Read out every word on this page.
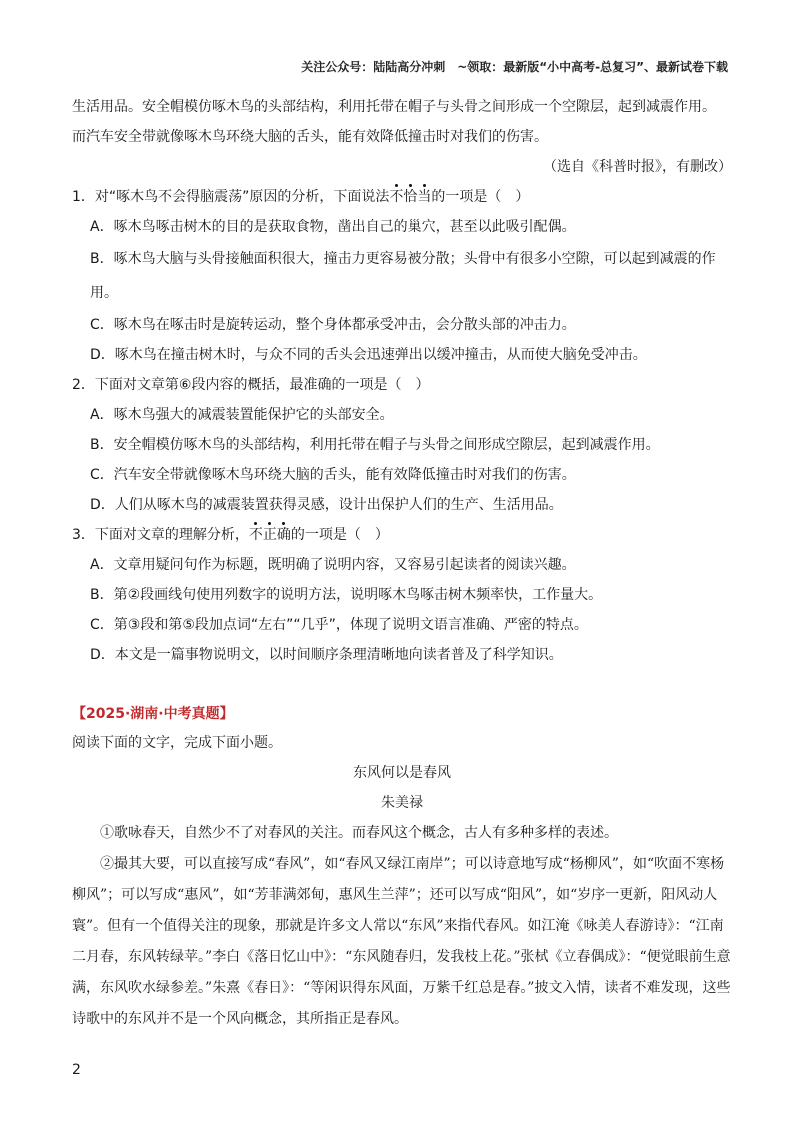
关注公众号：陆陆高分冲刺　~领取：最新版“小中高考-总复习”、最新试卷下载

生活用品。安全帽模仿啄木鸟的头部结构，利用托带在帽子与头骨之间形成一个空隙层，起到减震作用。

而汽车安全带就像啄木鸟环绕大脑的舌头，能有效降低撞击时对我们的伤害。

（选自《科普时报》，有删改）

1．对“啄木鸟不会得脑震荡”原因的分析，下面说法不恰当的一项是（　）

A．啄木鸟啄击树木的目的是获取食物，凿出自己的巢穴，甚至以此吸引配偶。

B．啄木鸟大脑与头骨接触面积很大，撞击力更容易被分散；头骨中有很多小空隙，可以起到减震的作用。

C．啄木鸟在啄击时是旋转运动，整个身体都承受冲击，会分散头部的冲击力。

D．啄木鸟在撞击树木时，与众不同的舌头会迅速弹出以缓冲撞击，从而使大脑免受冲击。

2．下面对文章第⑥段内容的概括，最准确的一项是（　）

A．啄木鸟强大的减震装置能保护它的头部安全。

B．安全帽模仿啄木鸟的头部结构，利用托带在帽子与头骨之间形成空隙层，起到减震作用。

C．汽车安全带就像啄木鸟环绕大脑的舌头，能有效降低撞击时对我们的伤害。

D．人们从啄木鸟的减震装置获得灵感，设计出保护人们的生产、生活用品。

3．下面对文章的理解分析，不正确的一项是（　）

A．文章用疑问句作为标题，既明确了说明内容，又容易引起读者的阅读兴趣。

B．第②段画线句使用列数字的说明方法，说明啄木鸟啄击树木频率快，工作量大。

C．第③段和第⑤段加点词“左右”“几乎”，体现了说明文语言准确、严密的特点。

D．本文是一篇事物说明文，以时间顺序条理清晰地向读者普及了科学知识。

【2025·湖南·中考真题】

阅读下面的文字，完成下面小题。

东风何以是春风

朱美禄

①歌咏春天，自然少不了对春风的关注。而春风这个概念，古人有多种多样的表述。

②撮其大要，可以直接写成“春风”，如“春风又绿江南岸”；可以诗意地写成“杨柳风”，如“吹面不寒杨柳风”；可以写成“惠风”，如“芳菲满郊甸，惠风生兰萍”；还可以写成“阳风”，如“岁序一更新，阳风动人寰”。但有一个值得关注的现象，那就是许多文人常以“东风”来指代春风。如江淹《咏美人春游诗》：“江南二月春，东风转绿苹。”李白《落日忆山中》：“东风随春归，发我枝上花。”张栻《立春偶成》：“便觉眼前生意满，东风吹水绿参差。”朱熹《春日》：“等闲识得东风面，万紫千红总是春。”披文入情，读者不难发现，这些诗歌中的东风并不是一个风向概念，其所指正是春风。

2
